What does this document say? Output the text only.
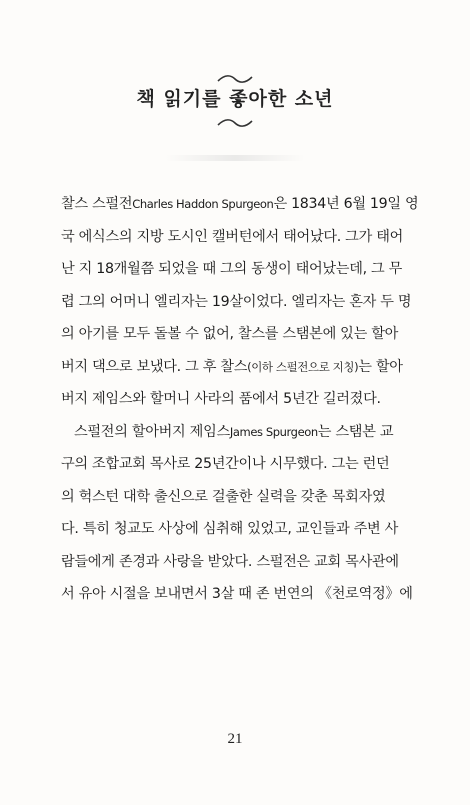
책 읽기를 좋아한 소년
찰스 스펄전Charles Haddon Spurgeon은 1834년 6월 19일 영
국 에식스의 지방 도시인 캘버턴에서 태어났다. 그가 태어
난 지 18개월쯤 되었을 때 그의 동생이 태어났는데, 그 무
렵 그의 어머니 엘리자는 19살이었다. 엘리자는 혼자 두 명
의 아기를 모두 돌볼 수 없어, 찰스를 스탬본에 있는 할아
버지 댁으로 보냈다. 그 후 찰스(이하 스펄전으로 지칭)는 할아
버지 제임스와 할머니 사라의 품에서 5년간 길러졌다.
스펄전의 할아버지 제임스James Spurgeon는 스탬본 교
구의 조합교회 목사로 25년간이나 시무했다. 그는 런던
의 헉스턴 대학 출신으로 걸출한 실력을 갖춘 목회자였
다. 특히 청교도 사상에 심취해 있었고, 교인들과 주변 사
람들에게 존경과 사랑을 받았다. 스펄전은 교회 목사관에
서 유아 시절을 보내면서 3살 때 존 번연의 《천로역정》에
21
